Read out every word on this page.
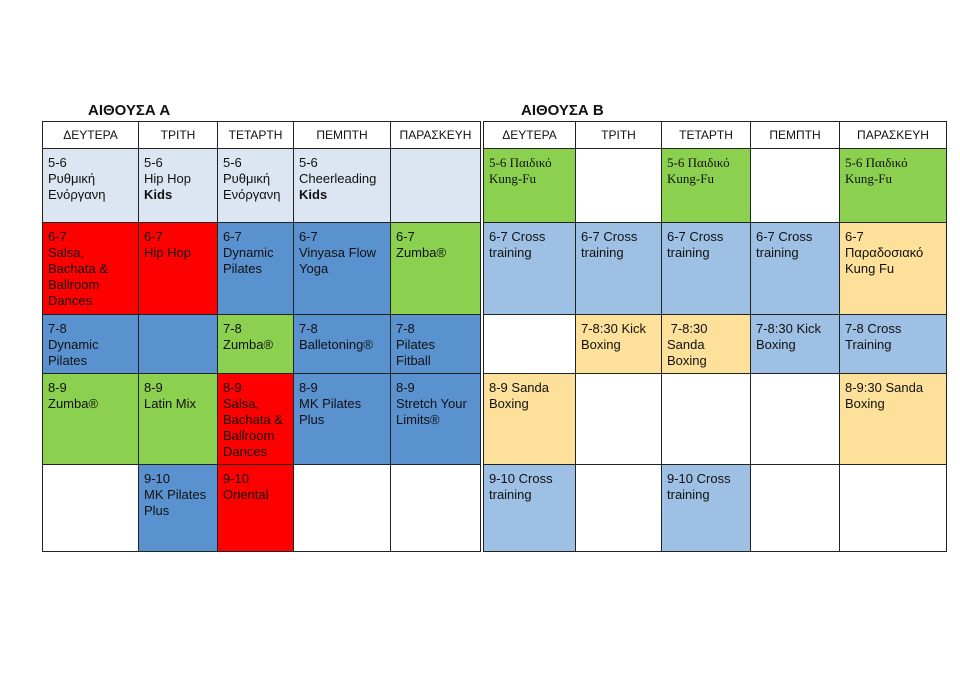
ΑΙΘΟΥΣΑ Α
ΔΕΥΤΕΡΑ	ΤΡΙΤΗ	ΤΕΤΑΡΤΗ	ΠΕΜΠΤΗ	ΠΑΡΑΣΚΕΥΗ

5-6
Ρυθμική
Ενόργανη	5-6
Hip Hop
Kids	5-6
Ρυθμική
Ενόργανη	5-6
Cheerleading
Kids	

6-7
Salsa,
Bachata &
Ballroom
Dances	6-7
Hip Hop	6-7
Dynamic
Pilates	6-7
Vinyasa Flow
Yoga	6-7
Zumba®

7-8
Dynamic
Pilates		7-8
Zumba®	7-8
Balletoning®	7-8
Pilates
Fitball

8-9
Zumba®	8-9
Latin Mix	8-9
Salsa,
Bachata &
Ballroom
Dances	8-9
MK Pilates
Plus	8-9
Stretch Your
Limits®

	9-10
MK Pilates
Plus	9-10
Oriental		

ΑΙΘΟΥΣΑ Β
ΔΕΥΤΕΡΑ	ΤΡΙΤΗ	ΤΕΤΑΡΤΗ	ΠΕΜΠΤΗ	ΠΑΡΑΣΚΕΥΗ

5-6 Παιδικό
Kung-Fu		5-6 Παιδικό
Kung-Fu		5-6 Παιδικό
Kung-Fu

6-7 Cross
training	6-7 Cross
training	6-7 Cross
training	6-7 Cross
training	6-7
Παραδοσιακό
Kung Fu

	7-8:30 Kick
Boxing	7-8:30
Sanda
Boxing	7-8:30 Kick
Boxing	7-8 Cross
Training

8-9 Sanda
Boxing				8-9:30 Sanda
Boxing

9-10 Cross
training		9-10 Cross
training		
